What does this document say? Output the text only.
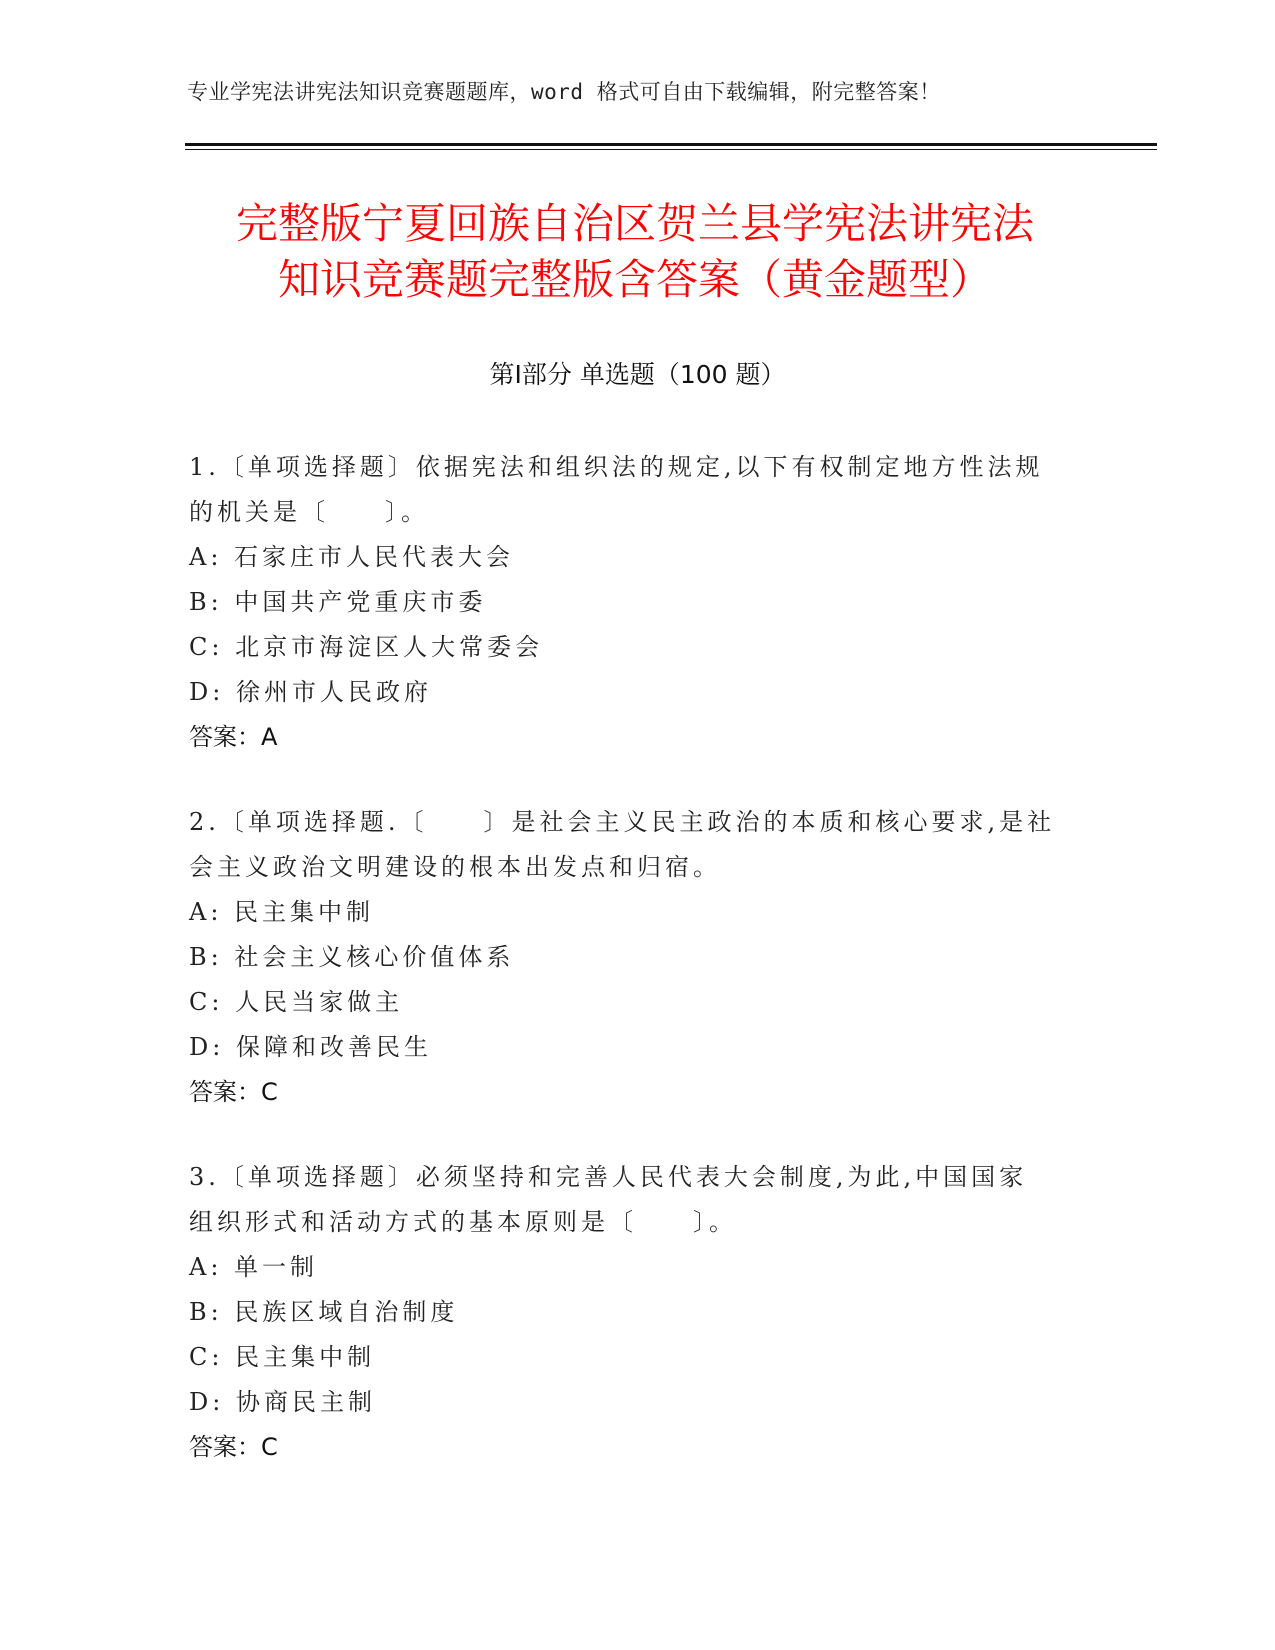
专业学宪法讲宪法知识竞赛题题库，word 格式可自由下载编辑，附完整答案！
完整版宁夏回族自治区贺兰县学宪法讲宪法
知识竞赛题完整版含答案（黄金题型）
第Ⅰ部分 单选题（100 题）
1.〔单项选择题〕依据宪法和组织法的规定,以下有权制定地方性法规
的机关是〔　　〕。
A: 石家庄市人民代表大会
B: 中国共产党重庆市委
C: 北京市海淀区人大常委会
D: 徐州市人民政府
答案：A
2.〔单项选择题.〔　　〕是社会主义民主政治的本质和核心要求,是社
会主义政治文明建设的根本出发点和归宿。
A: 民主集中制
B: 社会主义核心价值体系
C: 人民当家做主
D: 保障和改善民生
答案：C
3.〔单项选择题〕必须坚持和完善人民代表大会制度,为此,中国国家
组织形式和活动方式的基本原则是〔　　〕。
A: 单一制
B: 民族区域自治制度
C: 民主集中制
D: 协商民主制
答案：C
